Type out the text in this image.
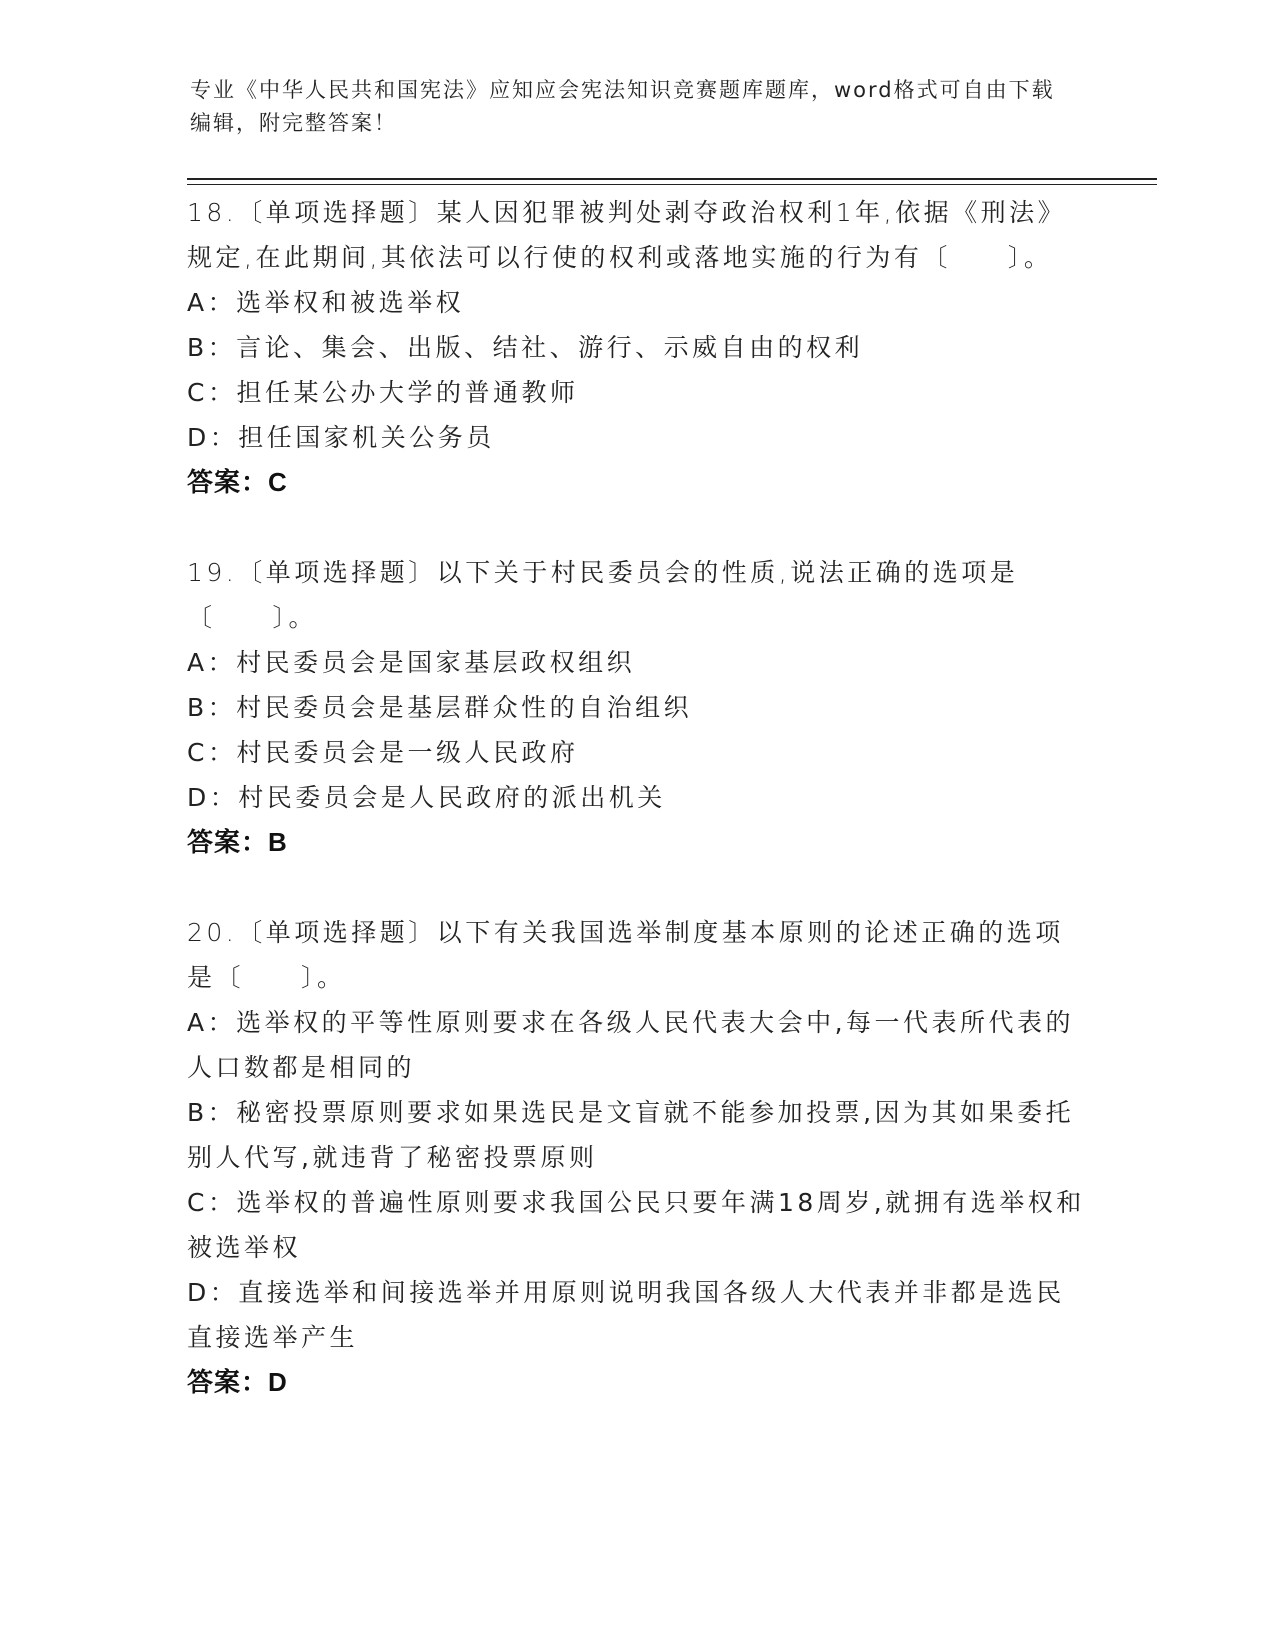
专业《中华人民共和国宪法》应知应会宪法知识竞赛题库题库，word格式可自由下载编辑，附完整答案！
18.〔单项选择题〕某人因犯罪被判处剥夺政治权利1年,依据《刑法》规定,在此期间,其依法可以行使的权利或落地实施的行为有〔　　〕。
A：选举权和被选举权
B：言论、集会、出版、结社、游行、示威自由的权利
C：担任某公办大学的普通教师
D：担任国家机关公务员
答案：C
19.〔单项选择题〕以下关于村民委员会的性质,说法正确的选项是〔　　〕。
A：村民委员会是国家基层政权组织
B：村民委员会是基层群众性的自治组织
C：村民委员会是一级人民政府
D：村民委员会是人民政府的派出机关
答案：B
20.〔单项选择题〕以下有关我国选举制度基本原则的论述正确的选项是〔　　〕。
A：选举权的平等性原则要求在各级人民代表大会中,每一代表所代表的人口数都是相同的
B：秘密投票原则要求如果选民是文盲就不能参加投票,因为其如果委托别人代写,就违背了秘密投票原则
C：选举权的普遍性原则要求我国公民只要年满18周岁,就拥有选举权和被选举权
D：直接选举和间接选举并用原则说明我国各级人大代表并非都是选民直接选举产生
答案：D
